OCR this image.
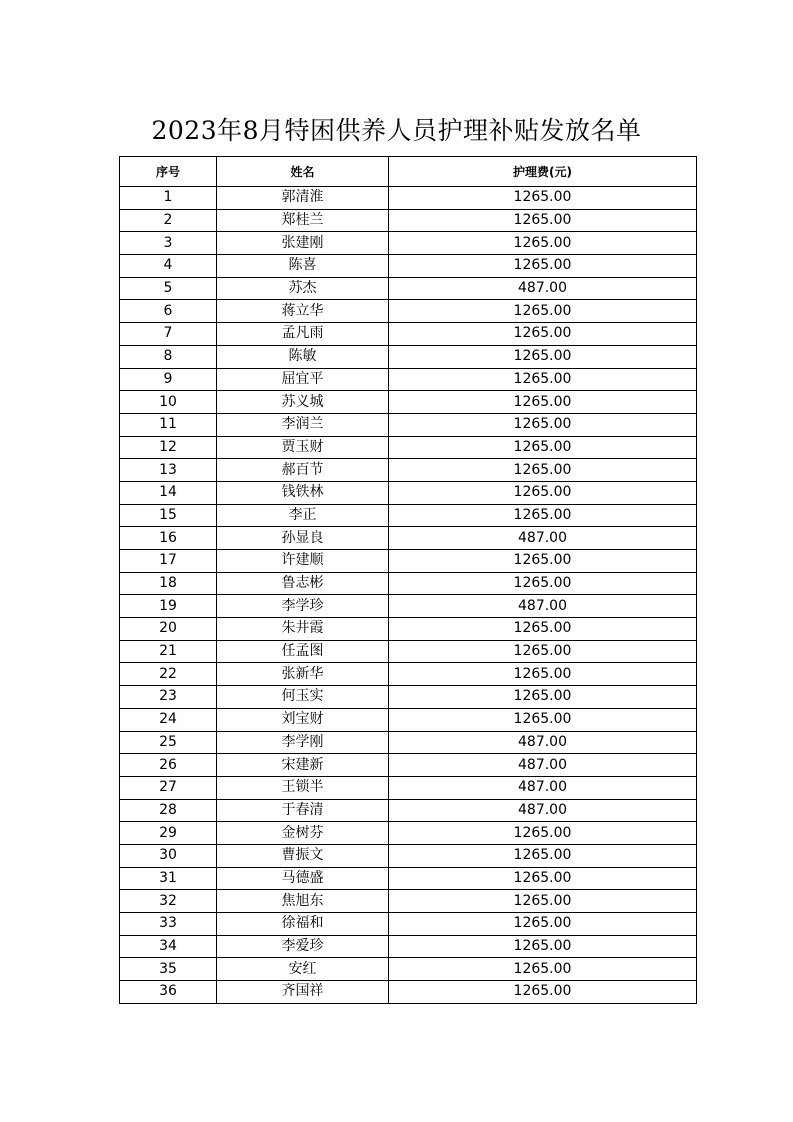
2023年8月特困供养人员护理补贴发放名单
序号	姓名	护理费(元)
1	郭清淮	1265.00
2	郑桂兰	1265.00
3	张建刚	1265.00
4	陈喜	1265.00
5	苏杰	487.00
6	蒋立华	1265.00
7	孟凡雨	1265.00
8	陈敏	1265.00
9	屈宜平	1265.00
10	苏义城	1265.00
11	李润兰	1265.00
12	贾玉财	1265.00
13	郝百节	1265.00
14	钱铁林	1265.00
15	李正	1265.00
16	孙显良	487.00
17	许建顺	1265.00
18	鲁志彬	1265.00
19	李学珍	487.00
20	朱井霞	1265.00
21	任孟图	1265.00
22	张新华	1265.00
23	何玉实	1265.00
24	刘宝财	1265.00
25	李学刚	487.00
26	宋建新	487.00
27	王锁半	487.00
28	于春清	487.00
29	金树芬	1265.00
30	曹振文	1265.00
31	马德盛	1265.00
32	焦旭东	1265.00
33	徐福和	1265.00
34	李爱珍	1265.00
35	安红	1265.00
36	齐国祥	1265.00
